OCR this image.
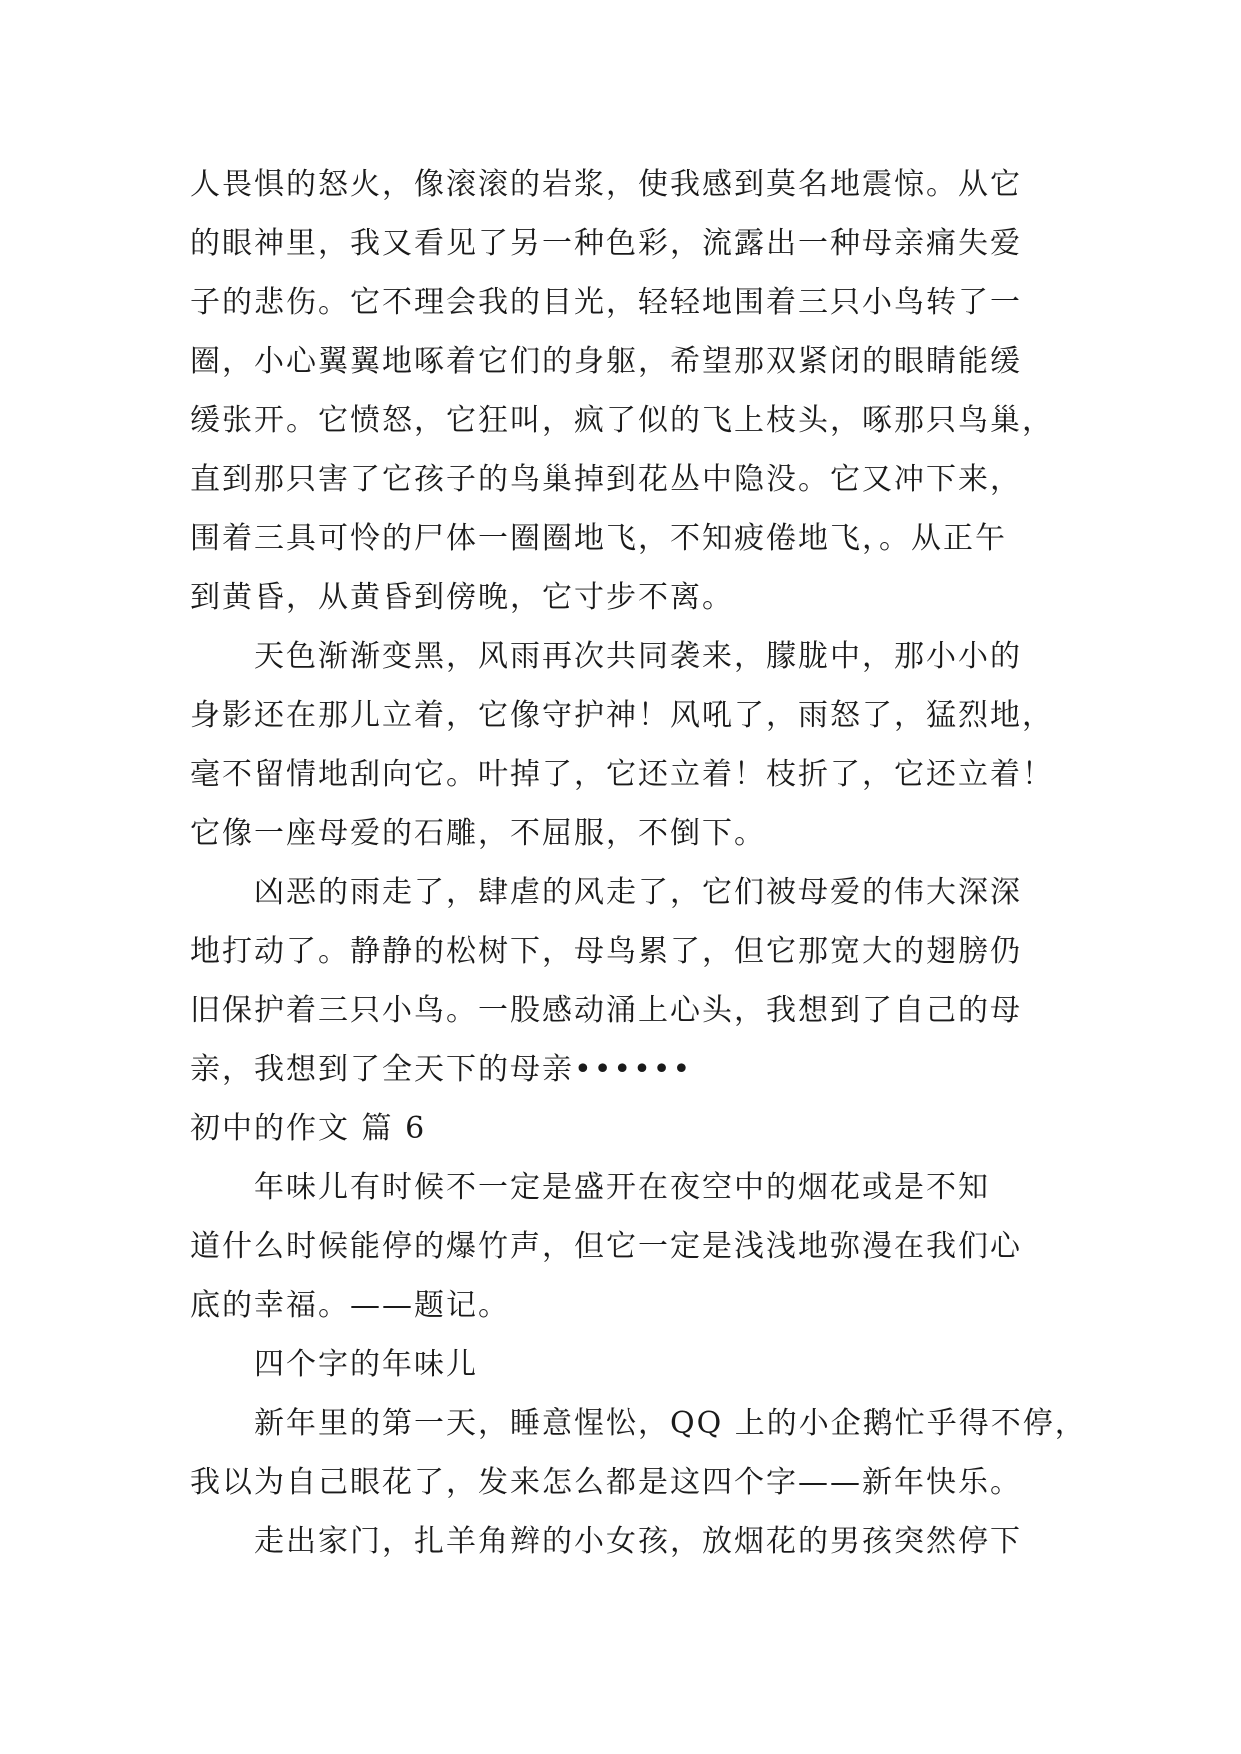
人畏惧的怒火，像滚滚的岩浆，使我感到莫名地震惊。从它
的眼神里，我又看见了另一种色彩，流露出一种母亲痛失爱
子的悲伤。它不理会我的目光，轻轻地围着三只小鸟转了一
圈，小心翼翼地啄着它们的身躯，希望那双紧闭的眼睛能缓
缓张开。它愤怒，它狂叫，疯了似的飞上枝头，啄那只鸟巢，
直到那只害了它孩子的鸟巢掉到花丛中隐没。它又冲下来，
围着三具可怜的尸体一圈圈地飞，不知疲倦地飞，。从正午
到黄昏，从黄昏到傍晚，它寸步不离。
天色渐渐变黑，风雨再次共同袭来，朦胧中，那小小的
身影还在那儿立着，它像守护神！风吼了，雨怒了，猛烈地，
毫不留情地刮向它。叶掉了，它还立着！枝折了，它还立着！
它像一座母爱的石雕，不屈服，不倒下。
凶恶的雨走了，肆虐的风走了，它们被母爱的伟大深深
地打动了。静静的松树下，母鸟累了，但它那宽大的翅膀仍
旧保护着三只小鸟。一股感动涌上心头，我想到了自己的母
亲，我想到了全天下的母亲••••••
初中的作文 篇 6
年味儿有时候不一定是盛开在夜空中的烟花或是不知
道什么时候能停的爆竹声，但它一定是浅浅地弥漫在我们心
底的幸福。——题记。
四个字的年味儿
新年里的第一天，睡意惺忪，QQ 上的小企鹅忙乎得不停，
我以为自己眼花了，发来怎么都是这四个字——新年快乐。
走出家门，扎羊角辫的小女孩，放烟花的男孩突然停下
